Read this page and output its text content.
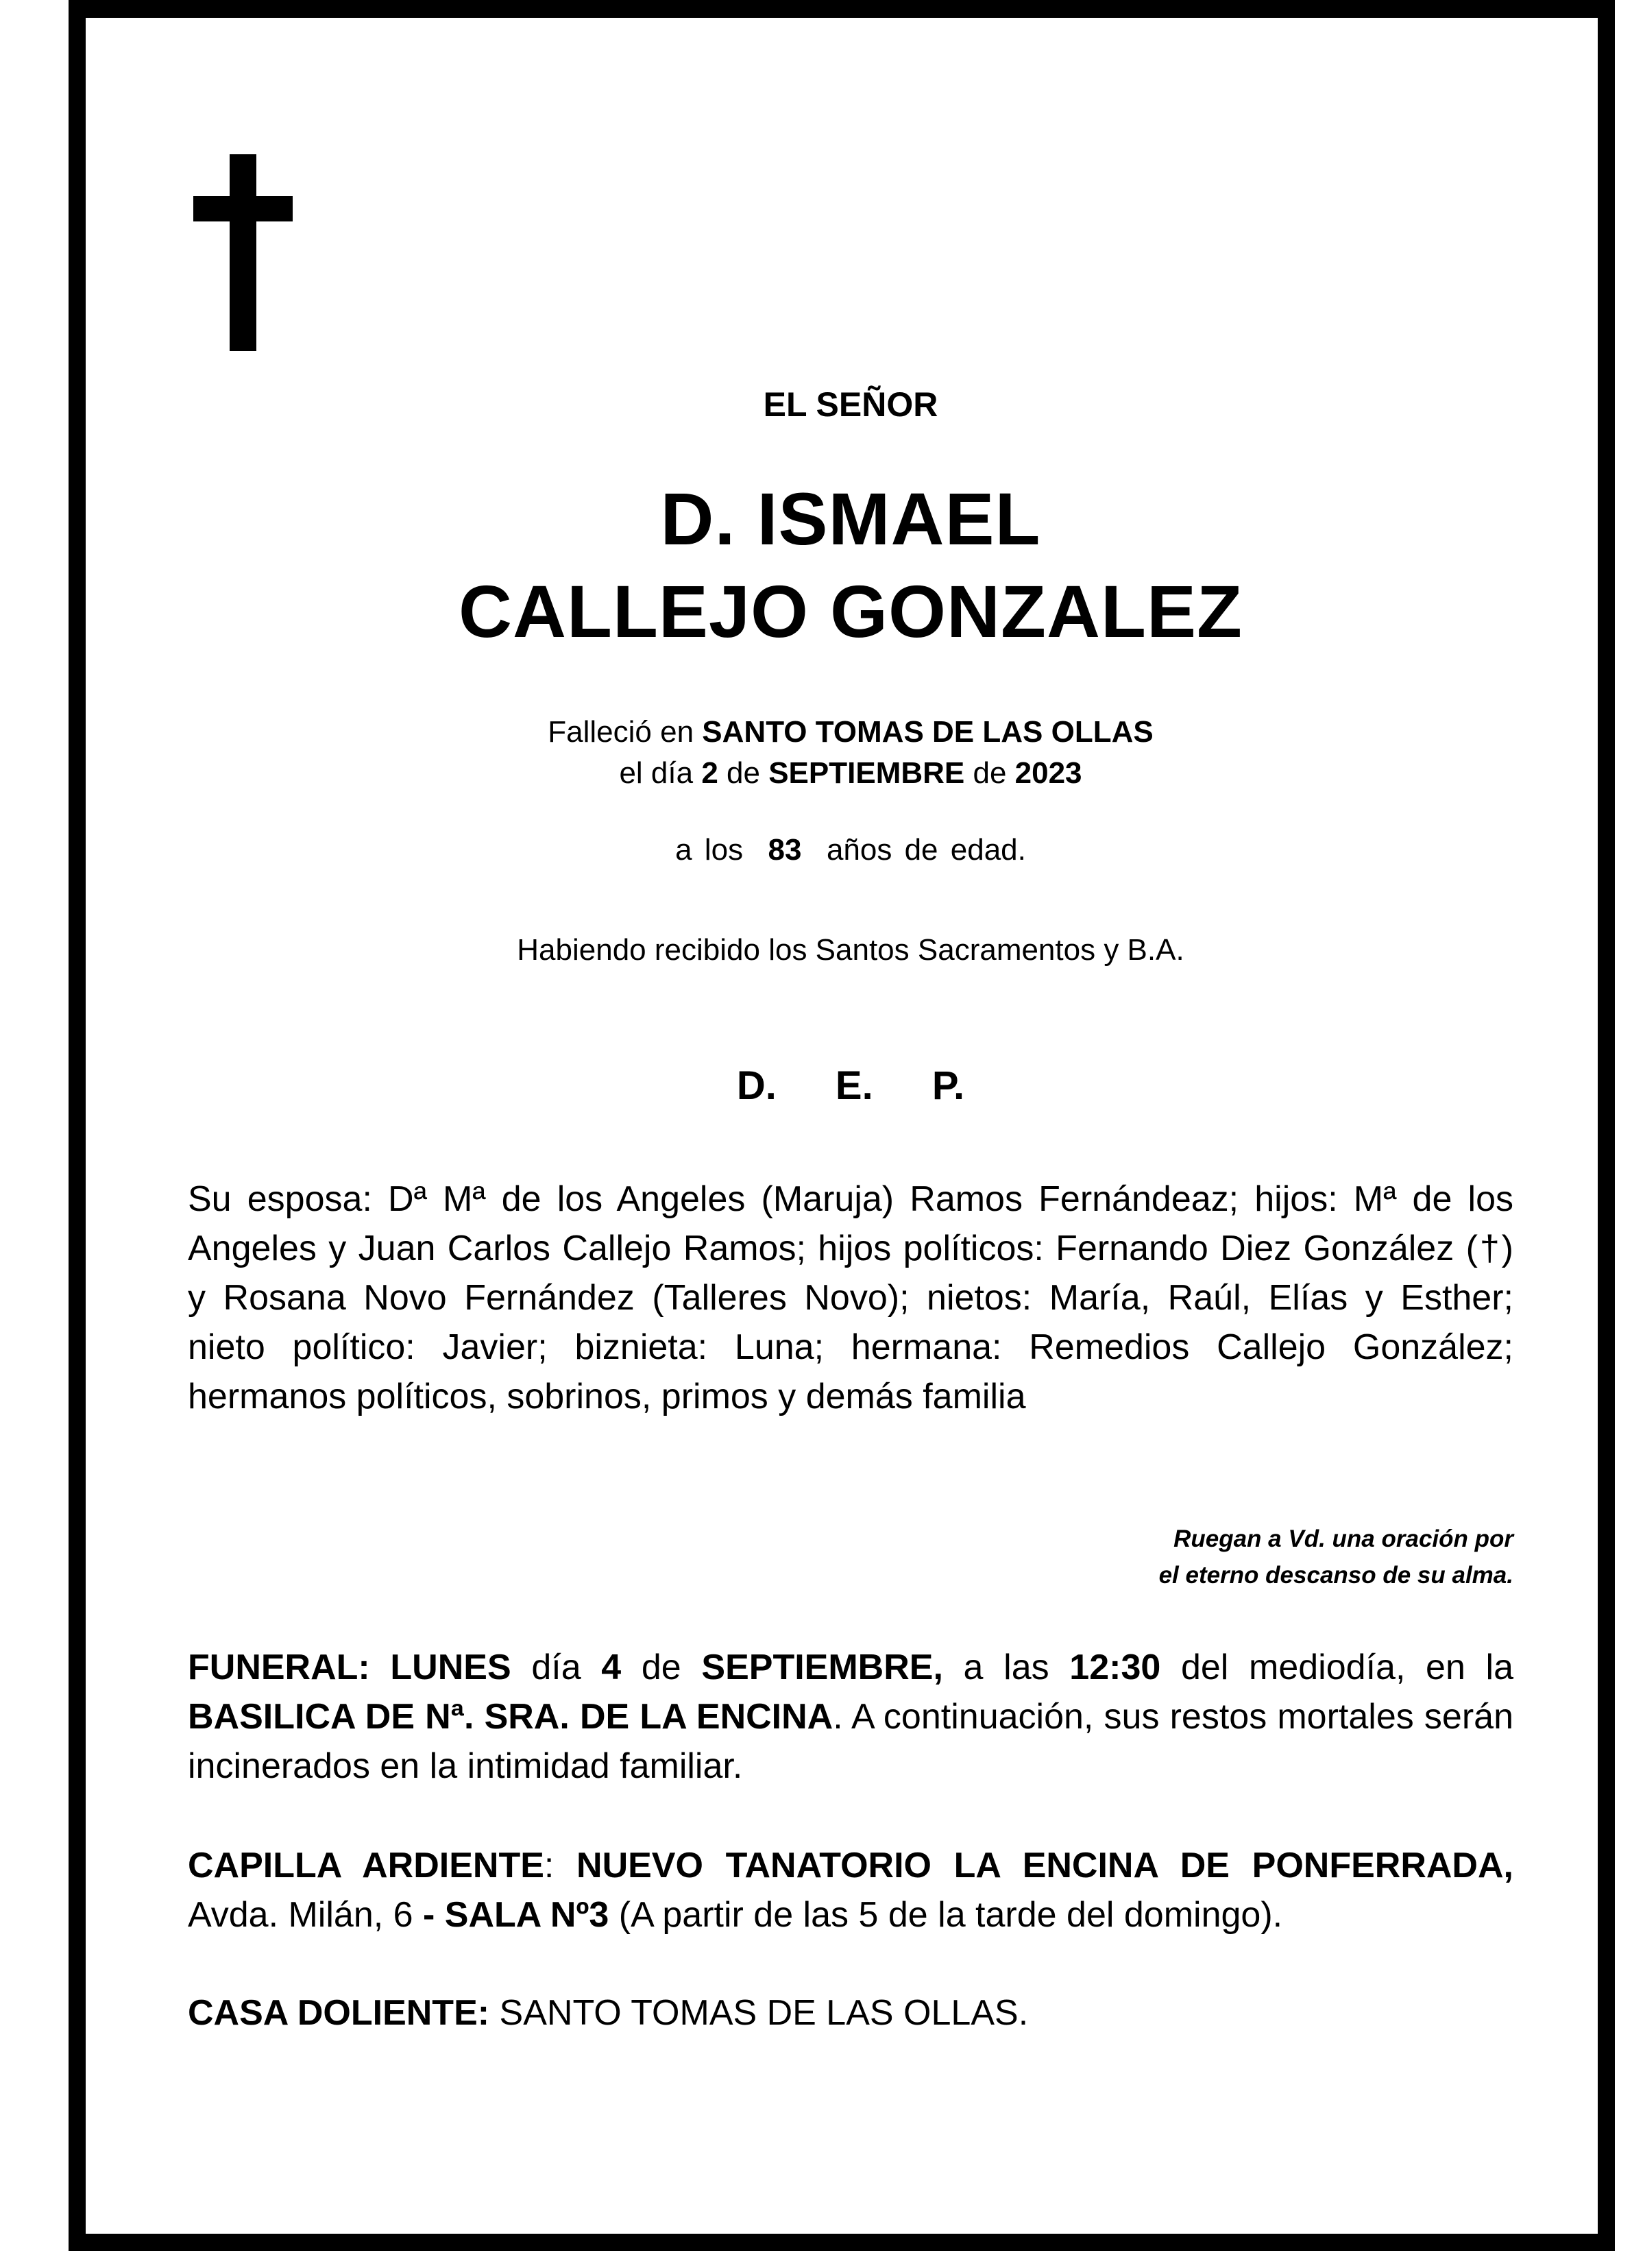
EL SEÑOR
D. ISMAEL
CALLEJO GONZALEZ
Falleció en SANTO TOMAS DE LAS OLLAS
el día 2 de SEPTIEMBRE de 2023
a los  83  años de edad.
Habiendo recibido los Santos Sacramentos y B.A.
D. E. P.
Su esposa: Dª Mª de los Angeles (Maruja) Ramos Fernándeaz; hijos: Mª de los Angeles y Juan Carlos Callejo Ramos; hijos políticos: Fernando Diez González (†) y Rosana Novo Fernández (Talleres Novo); nietos: María, Raúl, Elías y Esther; nieto político: Javier; biznieta: Luna; hermana: Remedios Callejo González; hermanos políticos, sobrinos, primos y demás familia
Ruegan a Vd. una oración por
el eterno descanso de su alma.
FUNERAL: LUNES día 4 de SEPTIEMBRE, a las 12:30 del mediodía, en la BASILICA DE Nª. SRA. DE LA ENCINA. A continuación, sus restos mortales serán incinerados en la intimidad familiar.
CAPILLA ARDIENTE: NUEVO TANATORIO LA ENCINA DE PONFERRADA, Avda. Milán, 6 - SALA Nº3 (A partir de las 5 de la tarde del domingo).
CASA DOLIENTE: SANTO TOMAS DE LAS OLLAS.
